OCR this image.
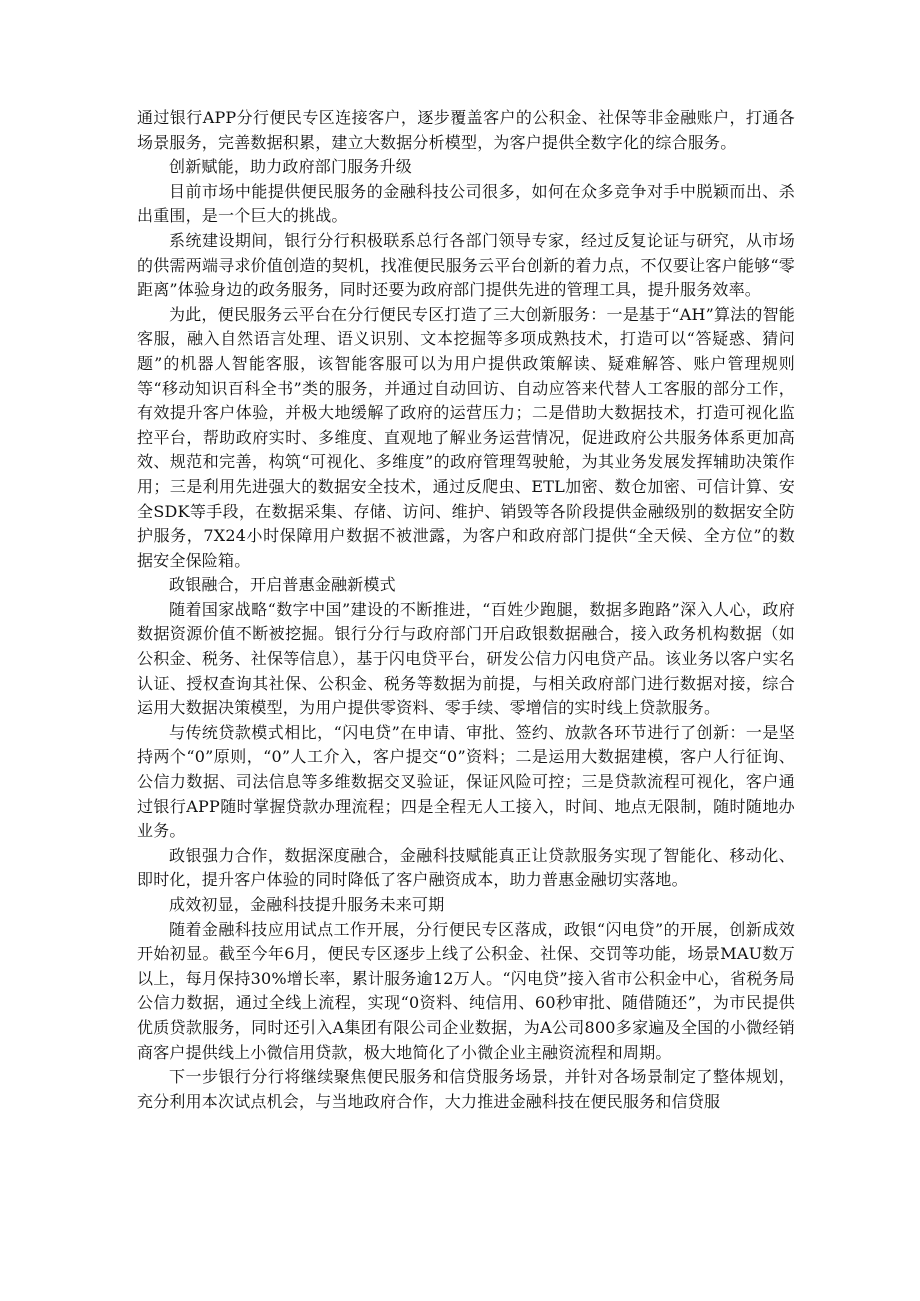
通过银行APP分行便民专区连接客户，逐步覆盖客户的公积金、社保等非金融账户，打通各场景服务，完善数据积累，建立大数据分析模型，为客户提供全数字化的综合服务。

创新赋能，助力政府部门服务升级

目前市场中能提供便民服务的金融科技公司很多，如何在众多竞争对手中脱颖而出、杀出重围，是一个巨大的挑战。

系统建设期间，银行分行积极联系总行各部门领导专家，经过反复论证与研究，从市场的供需两端寻求价值创造的契机，找准便民服务云平台创新的着力点，不仅要让客户能够“零距离”体验身边的政务服务，同时还要为政府部门提供先进的管理工具，提升服务效率。

为此，便民服务云平台在分行便民专区打造了三大创新服务：一是基于“AH”算法的智能客服，融入自然语言处理、语义识别、文本挖掘等多项成熟技术，打造可以“答疑惑、猜问题”的机器人智能客服，该智能客服可以为用户提供政策解读、疑难解答、账户管理规则等“移动知识百科全书”类的服务，并通过自动回访、自动应答来代替人工客服的部分工作，有效提升客户体验，并极大地缓解了政府的运营压力；二是借助大数据技术，打造可视化监控平台，帮助政府实时、多维度、直观地了解业务运营情况，促进政府公共服务体系更加高效、规范和完善，构筑“可视化、多维度”的政府管理驾驶舱，为其业务发展发挥辅助决策作用；三是利用先进强大的数据安全技术，通过反爬虫、ETL加密、数仓加密、可信计算、安全SDK等手段，在数据采集、存储、访问、维护、销毁等各阶段提供金融级别的数据安全防护服务，7X24小时保障用户数据不被泄露，为客户和政府部门提供“全天候、全方位”的数据安全保险箱。

政银融合，开启普惠金融新模式

随着国家战略“数字中国”建设的不断推进，“百姓少跑腿，数据多跑路”深入人心，政府数据资源价值不断被挖掘。银行分行与政府部门开启政银数据融合，接入政务机构数据（如公积金、税务、社保等信息），基于闪电贷平台，研发公信力闪电贷产品。该业务以客户实名认证、授权查询其社保、公积金、税务等数据为前提，与相关政府部门进行数据对接，综合运用大数据决策模型，为用户提供零资料、零手续、零增信的实时线上贷款服务。

与传统贷款模式相比，“闪电贷”在申请、审批、签约、放款各环节进行了创新：一是坚持两个“0”原则，“0”人工介入，客户提交“0”资料；二是运用大数据建模，客户人行征询、公信力数据、司法信息等多维数据交叉验证，保证风险可控；三是贷款流程可视化，客户通过银行APP随时掌握贷款办理流程；四是全程无人工接入，时间、地点无限制，随时随地办业务。

政银强力合作，数据深度融合，金融科技赋能真正让贷款服务实现了智能化、移动化、即时化，提升客户体验的同时降低了客户融资成本，助力普惠金融切实落地。

成效初显，金融科技提升服务未来可期

随着金融科技应用试点工作开展，分行便民专区落成，政银“闪电贷”的开展，创新成效开始初显。截至今年6月，便民专区逐步上线了公积金、社保、交罚等功能，场景MAU数万以上，每月保持30%增长率，累计服务逾12万人。“闪电贷”接入省市公积金中心，省税务局公信力数据，通过全线上流程，实现“0资料、纯信用、60秒审批、随借随还”，为市民提供优质贷款服务，同时还引入A集团有限公司企业数据，为A公司800多家遍及全国的小微经销商客户提供线上小微信用贷款，极大地简化了小微企业主融资流程和周期。

下一步银行分行将继续聚焦便民服务和信贷服务场景，并针对各场景制定了整体规划，充分利用本次试点机会，与当地政府合作，大力推进金融科技在便民服务和信贷服
